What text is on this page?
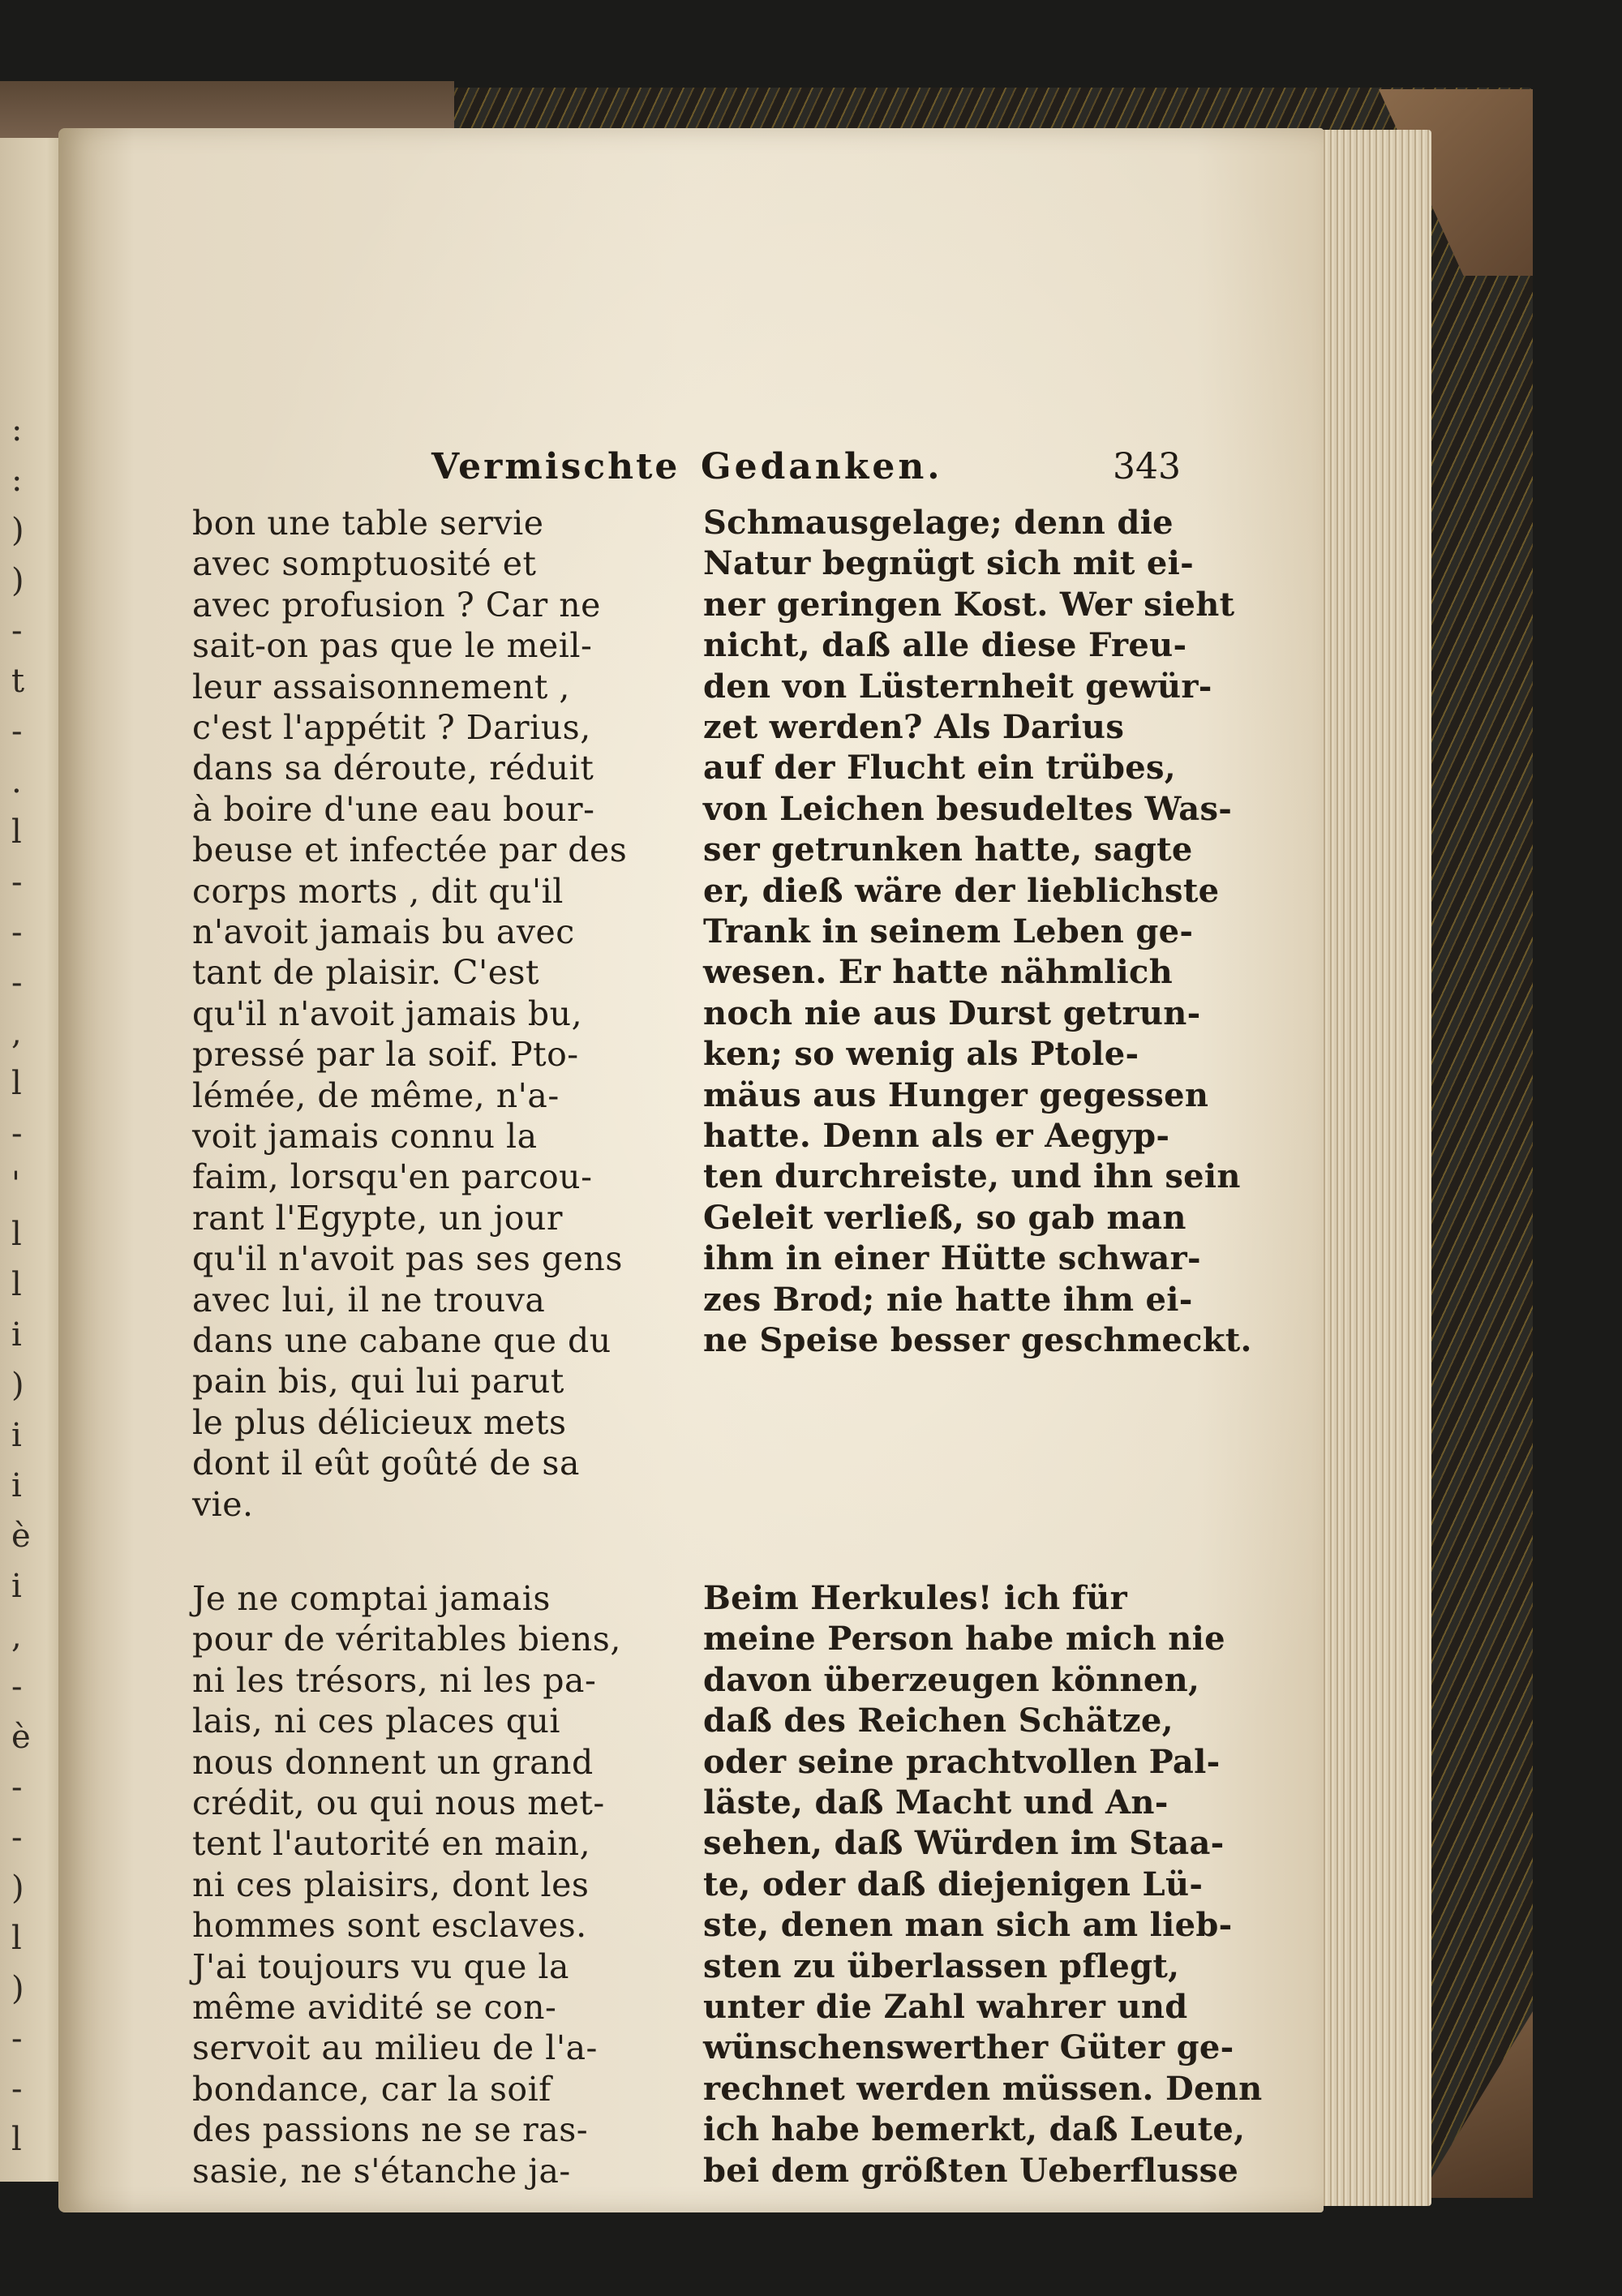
:
:
)
)
-
t
-
.
l
-
-
-
,
l
-
'
l
l
i
)
i
i
è
i
,
-
è
-
-
)
l
)
-
-
l
Vermischte Gedanken.	343
bon une table servie
avec somptuosité et
avec profusion ? Car ne
sait-on pas que le meil-
leur assaisonnement ,
c'est l'appétit ? Darius,
dans sa déroute, réduit
à boire d'une eau bour-
beuse et infectée par des
corps morts , dit qu'il
n'avoit jamais bu avec
tant de plaisir. C'est
qu'il n'avoit jamais bu,
pressé par la soif. Pto-
lémée, de même, n'a-
voit jamais connu la
faim, lorsqu'en parcou-
rant l'Egypte, un jour
qu'il n'avoit pas ses gens
avec lui, il ne trouva
dans une cabane que du
pain bis, qui lui parut
le plus délicieux mets
dont il eût goûté de sa
vie.
Schmausgelage; denn die
Natur begnügt sich mit ei-
ner geringen Kost. Wer sieht
nicht, daß alle diese Freu-
den von Lüsternheit gewür-
zet werden? Als Darius
auf der Flucht ein trübes,
von Leichen besudeltes Was-
ser getrunken hatte, sagte
er, dieß wäre der lieblichste
Trank in seinem Leben ge-
wesen. Er hatte nähmlich
noch nie aus Durst getrun-
ken; so wenig als Ptole-
mäus aus Hunger gegessen
hatte. Denn als er Aegyp-
ten durchreiste, und ihn sein
Geleit verließ, so gab man
ihm in einer Hütte schwar-
zes Brod; nie hatte ihm ei-
ne Speise besser geschmeckt.
Je ne comptai jamais
pour de véritables biens,
ni les trésors, ni les pa-
lais, ni ces places qui
nous donnent un grand
crédit, ou qui nous met-
tent l'autorité en main,
ni ces plaisirs, dont les
hommes sont esclaves.
J'ai toujours vu que la
même avidité se con-
servoit au milieu de l'a-
bondance, car la soif
des passions ne se ras-
sasie, ne s'étanche ja-
Beim Herkules! ich für
meine Person habe mich nie
davon überzeugen können,
daß des Reichen Schätze,
oder seine prachtvollen Pal-
läste, daß Macht und An-
sehen, daß Würden im Staa-
te, oder daß diejenigen Lü-
ste, denen man sich am lieb-
sten zu überlassen pflegt,
unter die Zahl wahrer und
wünschenswerther Güter ge-
rechnet werden müssen. Denn
ich habe bemerkt, daß Leute,
bei dem größten Ueberflusse
